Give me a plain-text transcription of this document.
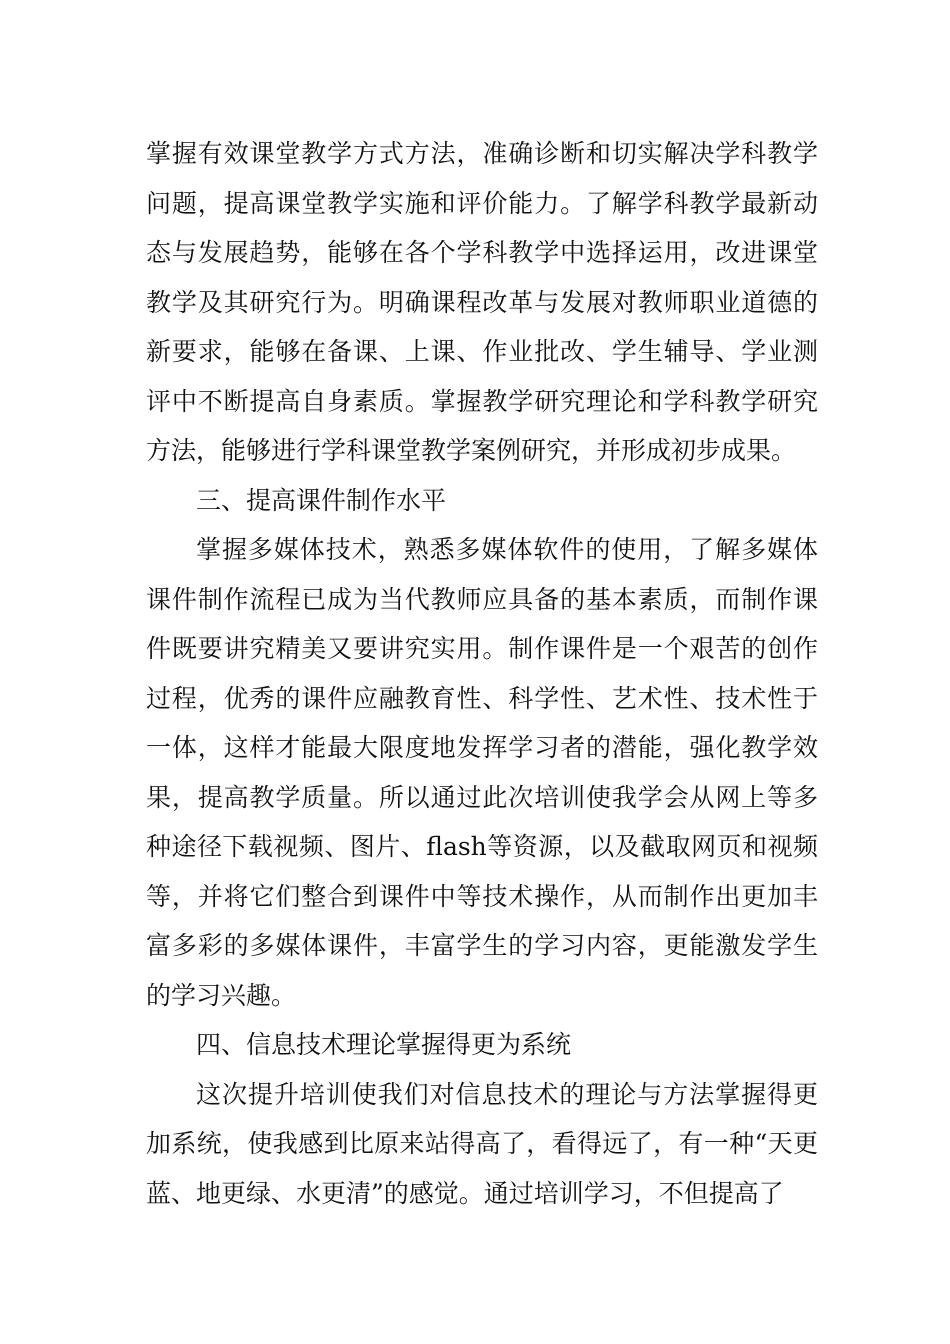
掌握有效课堂教学方式方法，准确诊断和切实解决学科教学问题，提高课堂教学实施和评价能力。了解学科教学最新动态与发展趋势，能够在各个学科教学中选择运用，改进课堂教学及其研究行为。明确课程改革与发展对教师职业道德的新要求，能够在备课、上课、作业批改、学生辅导、学业测评中不断提高自身素质。掌握教学研究理论和学科教学研究方法，能够进行学科课堂教学案例研究，并形成初步成果。

三、提高课件制作水平

掌握多媒体技术，熟悉多媒体软件的使用，了解多媒体课件制作流程已成为当代教师应具备的基本素质，而制作课件既要讲究精美又要讲究实用。制作课件是一个艰苦的创作过程，优秀的课件应融教育性、科学性、艺术性、技术性于一体，这样才能最大限度地发挥学习者的潜能，强化教学效果，提高教学质量。所以通过此次培训使我学会从网上等多种途径下载视频、图片、flash等资源，以及截取网页和视频等，并将它们整合到课件中等技术操作，从而制作出更加丰富多彩的多媒体课件，丰富学生的学习内容，更能激发学生的学习兴趣。

四、信息技术理论掌握得更为系统

这次提升培训使我们对信息技术的理论与方法掌握得更加系统，使我感到比原来站得高了，看得远了，有一种“天更蓝、地更绿、水更清”的感觉。通过培训学习，不但提高了
